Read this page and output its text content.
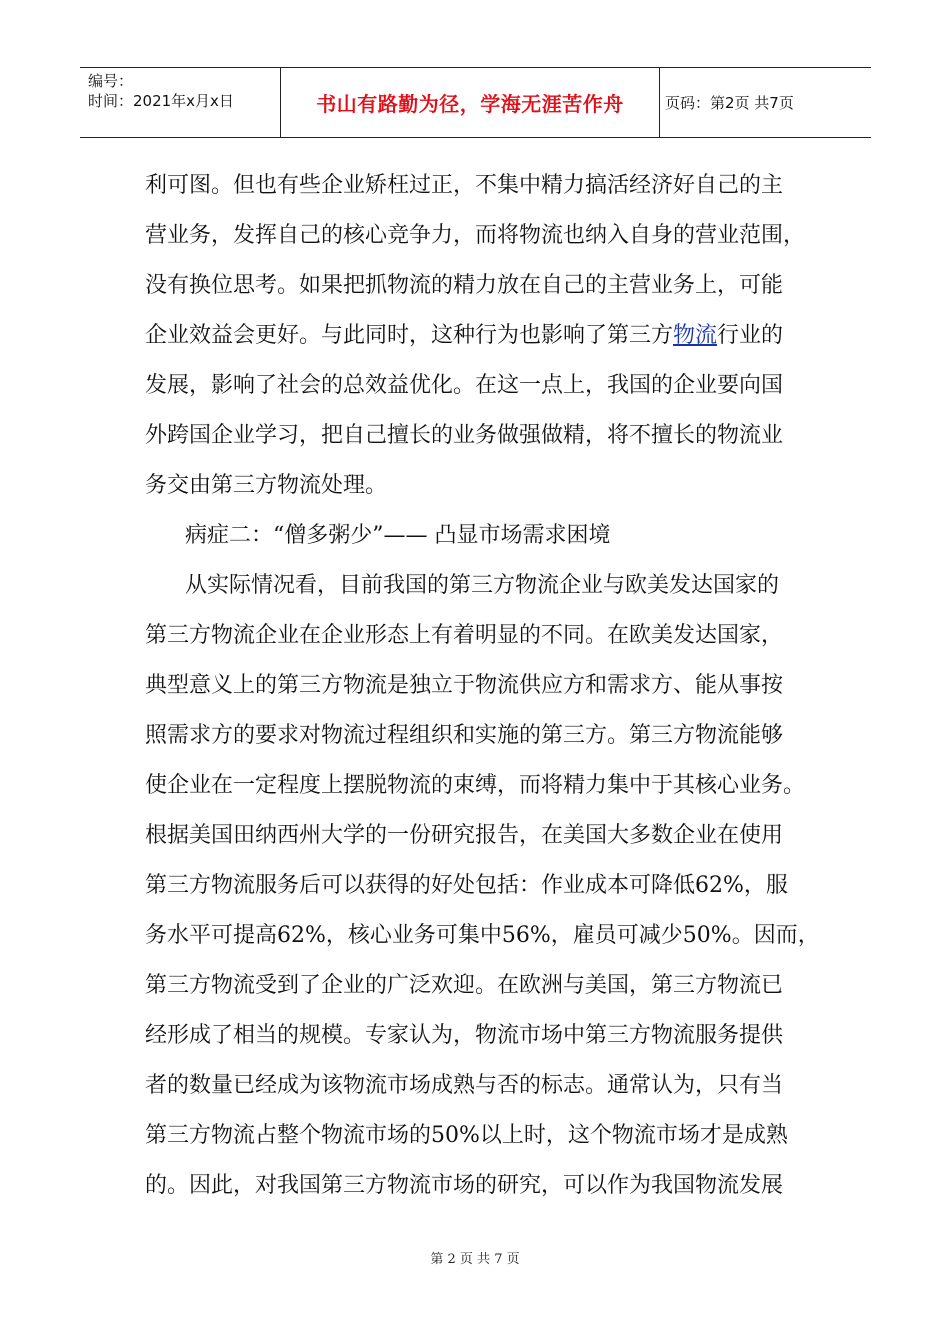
编号：
时间：2021年x月x日	书山有路勤为径，学海无涯苦作舟	页码：第2页 共7页
利可图。但也有些企业矫枉过正，不集中精力搞活经济好自己的主
营业务，发挥自己的核心竞争力，而将物流也纳入自身的营业范围，
没有换位思考。如果把抓物流的精力放在自己的主营业务上，可能
企业效益会更好。与此同时，这种行为也影响了第三方物流行业的
发展，影响了社会的总效益优化。在这一点上，我国的企业要向国
外跨国企业学习，把自己擅长的业务做强做精，将不擅长的物流业
务交由第三方物流处理。
病症二：“僧多粥少”—— 凸显市场需求困境
从实际情况看，目前我国的第三方物流企业与欧美发达国家的
第三方物流企业在企业形态上有着明显的不同。在欧美发达国家，
典型意义上的第三方物流是独立于物流供应方和需求方、能从事按
照需求方的要求对物流过程组织和实施的第三方。第三方物流能够
使企业在一定程度上摆脱物流的束缚，而将精力集中于其核心业务。
根据美国田纳西州大学的一份研究报告，在美国大多数企业在使用
第三方物流服务后可以获得的好处包括：作业成本可降低62%，服
务水平可提高62%，核心业务可集中56%，雇员可减少50%。因而，
第三方物流受到了企业的广泛欢迎。在欧洲与美国，第三方物流已
经形成了相当的规模。专家认为，物流市场中第三方物流服务提供
者的数量已经成为该物流市场成熟与否的标志。通常认为，只有当
第三方物流占整个物流市场的50%以上时，这个物流市场才是成熟
的。因此，对我国第三方物流市场的研究，可以作为我国物流发展
第 2 页 共 7 页
